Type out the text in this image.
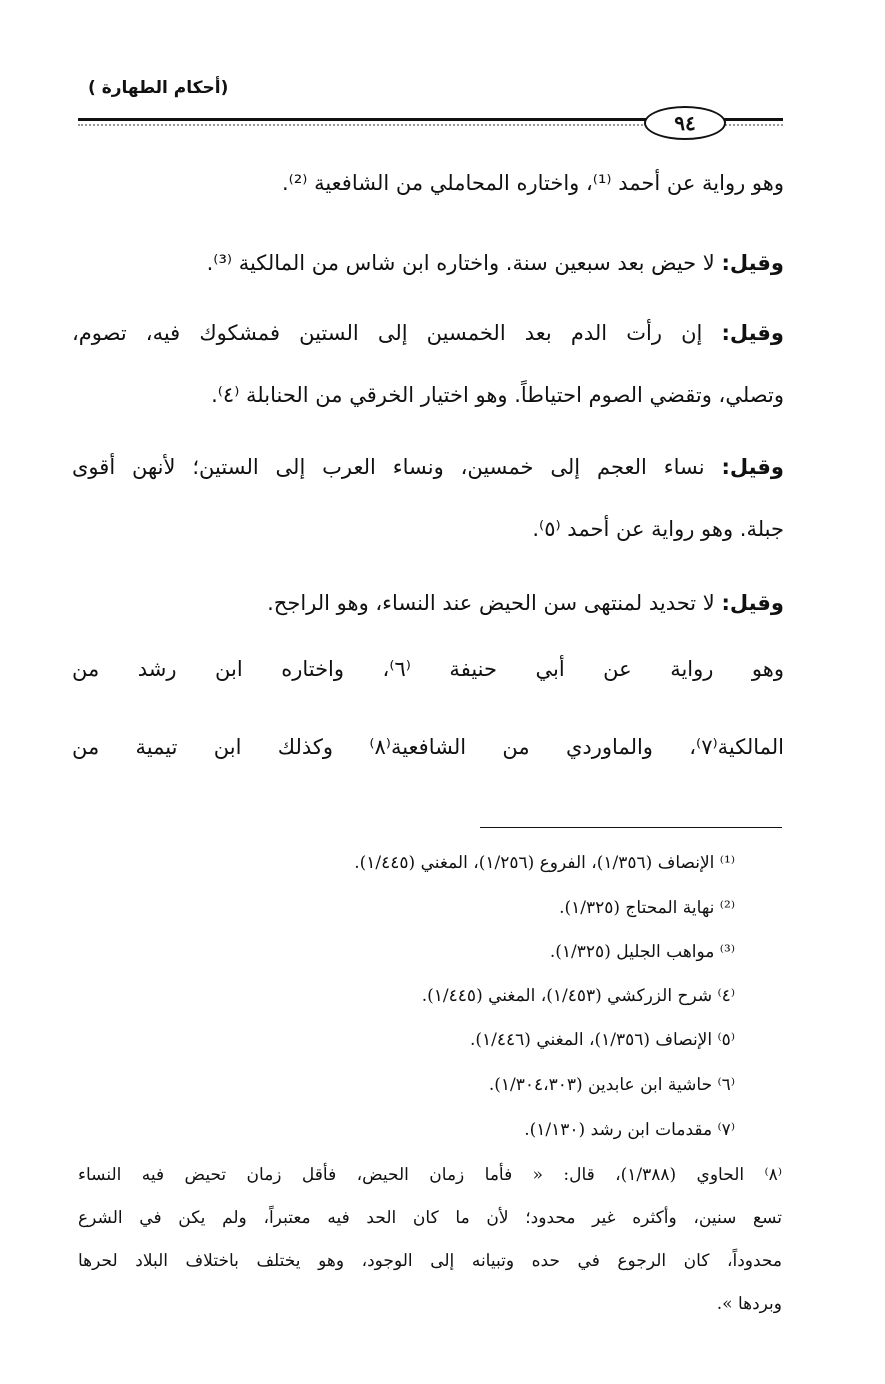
(أحكام الطهارة )
٩٤
وهو رواية عن أحمد ⁽¹⁾، واختاره المحاملي من الشافعية ⁽²⁾.
وقيل: لا حيض بعد سبعين سنة. واختاره ابن شاس من المالكية ⁽³⁾.
وقيل: إن رأت الدم بعد الخمسين إلى الستين فمشكوك فيه، تصوم،
وتصلي، وتقضي الصوم احتياطاً. وهو اختيار الخرقي من الحنابلة ⁽٤⁾.
وقيل: نساء العجم إلى خمسين، ونساء العرب إلى الستين؛ لأنهن أقوى
جبلة. وهو رواية عن أحمد ⁽٥⁾.
وقيل: لا تحديد لمنتهى سن الحيض عند النساء، وهو الراجح.
وهو رواية عن أبي حنيفة ⁽٦⁾، واختاره ابن رشد من
المالكية⁽٧⁾، والماوردي من الشافعية⁽٨⁾ وكذلك ابن تيمية من
⁽¹⁾ الإنصاف (١/٣٥٦)، الفروع (١/٢٥٦)، المغني (١/٤٤٥).
⁽²⁾ نهاية المحتاج (١/٣٢٥).
⁽³⁾ مواهب الجليل (١/٣٢٥).
⁽٤⁾ شرح الزركشي (١/٤٥٣)، المغني (١/٤٤٥).
⁽٥⁾ الإنصاف (١/٣٥٦)، المغني (١/٤٤٦).
⁽٦⁾ حاشية ابن عابدين (١/٣٠٤،٣٠٣).
⁽٧⁾ مقدمات ابن رشد (١/١٣٠).
⁽٨⁾ الحاوي (١/٣٨٨)، قال: « فأما زمان الحيض، فأقل زمان تحيض فيه النساء
تسع سنين، وأكثره غير محدود؛ لأن ما كان الحد فيه معتبراً، ولم يكن في الشرع
محدوداً، كان الرجوع في حده وتبيانه إلى الوجود، وهو يختلف باختلاف البلاد لحرها
وبردها ».
